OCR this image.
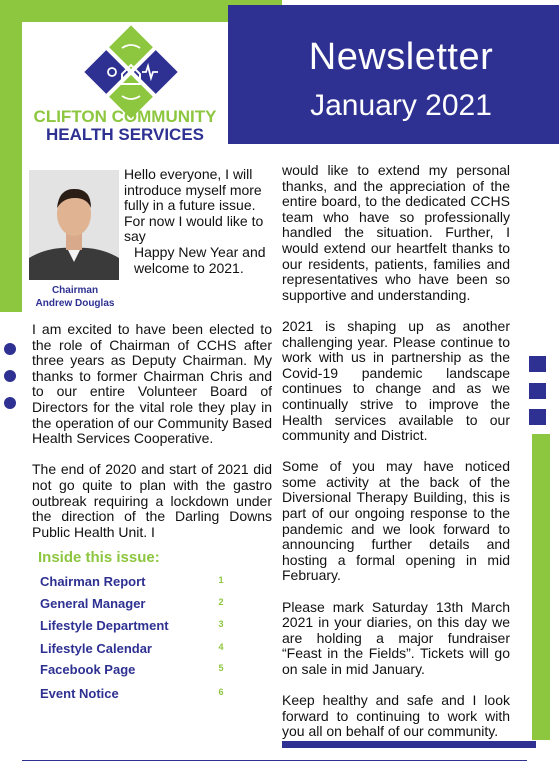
Newsletter
January 2021
CLIFTON COMMUNITY
HEALTH SERVICES
Chairman
Andrew Douglas

Hello everyone, I will introduce myself more fully in a future issue. For now I would like to say

Happy New Year and welcome to 2021.

I am excited to have been elected to the role of Chairman of CCHS after three years as Deputy Chairman. My thanks to former Chairman Chris and to our entire Volunteer Board of Directors for the vital role they play in the operation of our Community Based Health Services Cooperative.

The end of 2020 and start of 2021 did not go quite to plan with the gastro outbreak requiring a lockdown under the direction of the Darling Downs Public Health Unit. I

would like to extend my personal thanks, and the appreciation of the entire board, to the dedicated CCHS team who have so professionally handled the situation. Further, I would extend our heartfelt thanks to our residents, patients, families and representatives who have been so supportive and understanding.

2021 is shaping up as another challenging year. Please continue to work with us in partnership as the Covid-19 pandemic landscape continues to change and as we continually strive to improve the Health services available to our community and District.

Some of you may have noticed some activity at the back of the Diversional Therapy Building, this is part of our ongoing response to the pandemic and we look forward to announcing further details and hosting a formal opening in mid February.

Please mark Saturday 13th March 2021 in your diaries, on this day we are holding a major fundraiser “Feast in the Fields”. Tickets will go on sale in mid January.

Keep healthy and safe and I look forward to continuing to work with you all on behalf of our community.

Inside this issue:
Chairman Report	1
General Manager	2
Lifestyle Department	3
Lifestyle Calendar	4
Facebook Page	5
Event Notice	6
